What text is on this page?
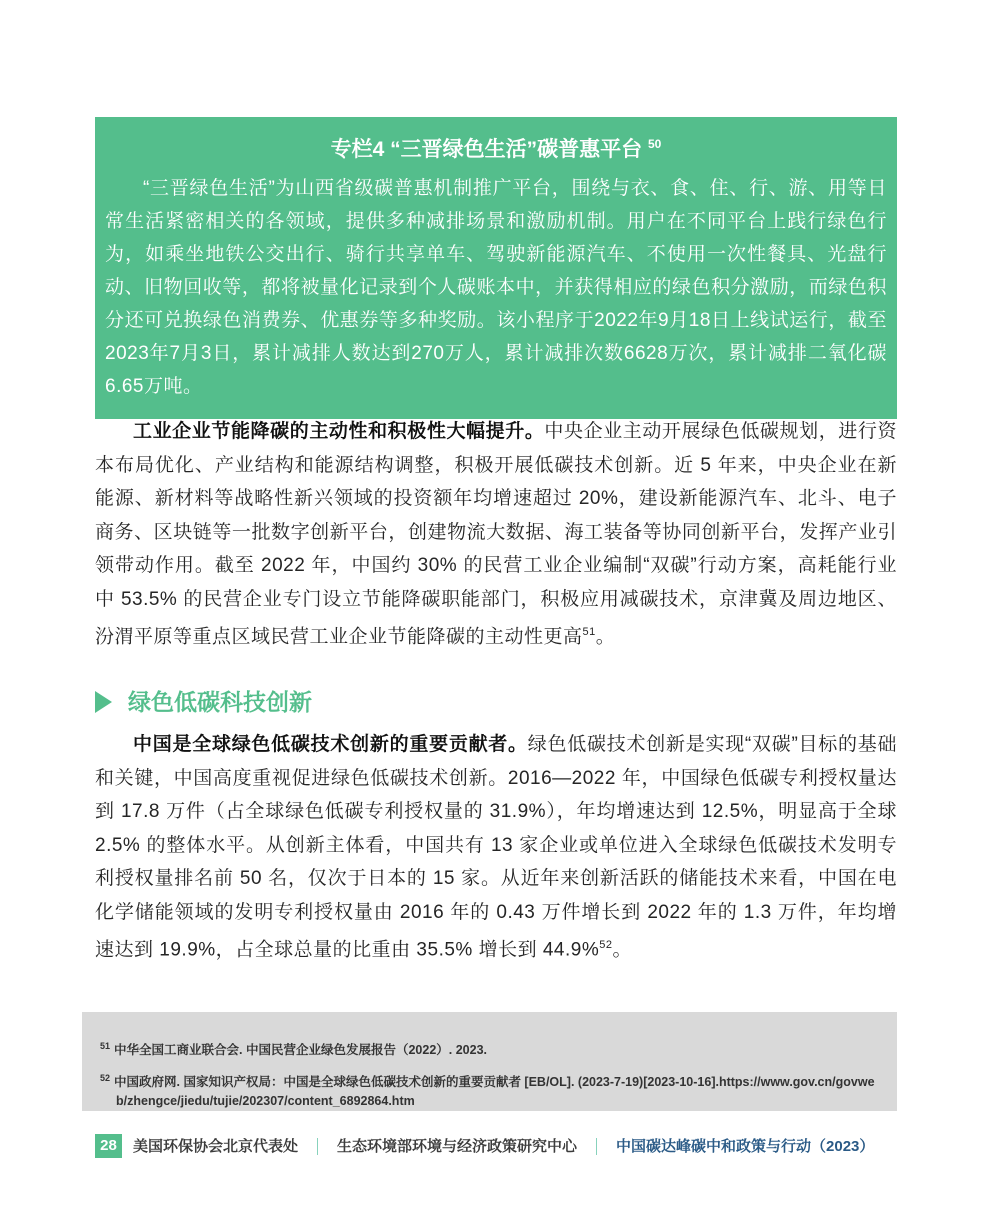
专栏4 “三晋绿色生活”碳普惠平台 $^{50}$
“三晋绿色生活”为山西省级碳普惠机制推广平台，围绕与衣、食、住、行、游、用等日常生活紧密相关的各领域，提供多种减排场景和激励机制。用户在不同平台上践行绿色行为，如乘坐地铁公交出行、骑行共享单车、驾驶新能源汽车、不使用一次性餐具、光盘行动、旧物回收等，都将被量化记录到个人碳账本中，并获得相应的绿色积分激励，而绿色积分还可兑换绿色消费券、优惠券等多种奖励。该小程序于2022年9月18日上线试运行，截至2023年7月3日，累计减排人数达到270万人，累计减排次数6628万次，累计减排二氧化碳6.65万吨。

工业企业节能降碳的主动性和积极性大幅提升。中央企业主动开展绿色低碳规划，进行资本布局优化、产业结构和能源结构调整，积极开展低碳技术创新。近 5 年来，中央企业在新能源、新材料等战略性新兴领域的投资额年均增速超过 20%，建设新能源汽车、北斗、电子商务、区块链等一批数字创新平台，创建物流大数据、海工装备等协同创新平台，发挥产业引领带动作用。截至 2022 年，中国约 30% 的民营工业企业编制“双碳”行动方案，高耗能行业中 53.5% 的民营企业专门设立节能降碳职能部门，积极应用减碳技术，京津冀及周边地区、汾渭平原等重点区域民营工业企业节能降碳的主动性更高$^{51}$。

绿色低碳科技创新

中国是全球绿色低碳技术创新的重要贡献者。绿色低碳技术创新是实现“双碳”目标的基础和关键，中国高度重视促进绿色低碳技术创新。2016—2022 年，中国绿色低碳专利授权量达到 17.8 万件（占全球绿色低碳专利授权量的 31.9%），年均增速达到 12.5%，明显高于全球 2.5% 的整体水平。从创新主体看，中国共有 13 家企业或单位进入全球绿色低碳技术发明专利授权量排名前 50 名，仅次于日本的 15 家。从近年来创新活跃的储能技术来看，中国在电化学储能领域的发明专利授权量由 2016 年的 0.43 万件增长到 2022 年的 1.3 万件，年均增速达到 19.9%，占全球总量的比重由 35.5% 增长到 44.9%$^{52}$。

$^{51}$ 中华全国工商业联合会. 中国民营企业绿色发展报告（2022）. 2023.
$^{52}$ 中国政府网. 国家知识产权局：中国是全球绿色低碳技术创新的重要贡献者 [EB/OL]. (2023-7-19)[2023-10-16].https://www.gov.cn/govweb/zhengce/jiedu/tujie/202307/content_6892864.htm
28	美国环保协会北京代表处 ｜ 生态环境部环境与经济政策研究中心 ｜ 中国碳达峰碳中和政策与行动（2023）
